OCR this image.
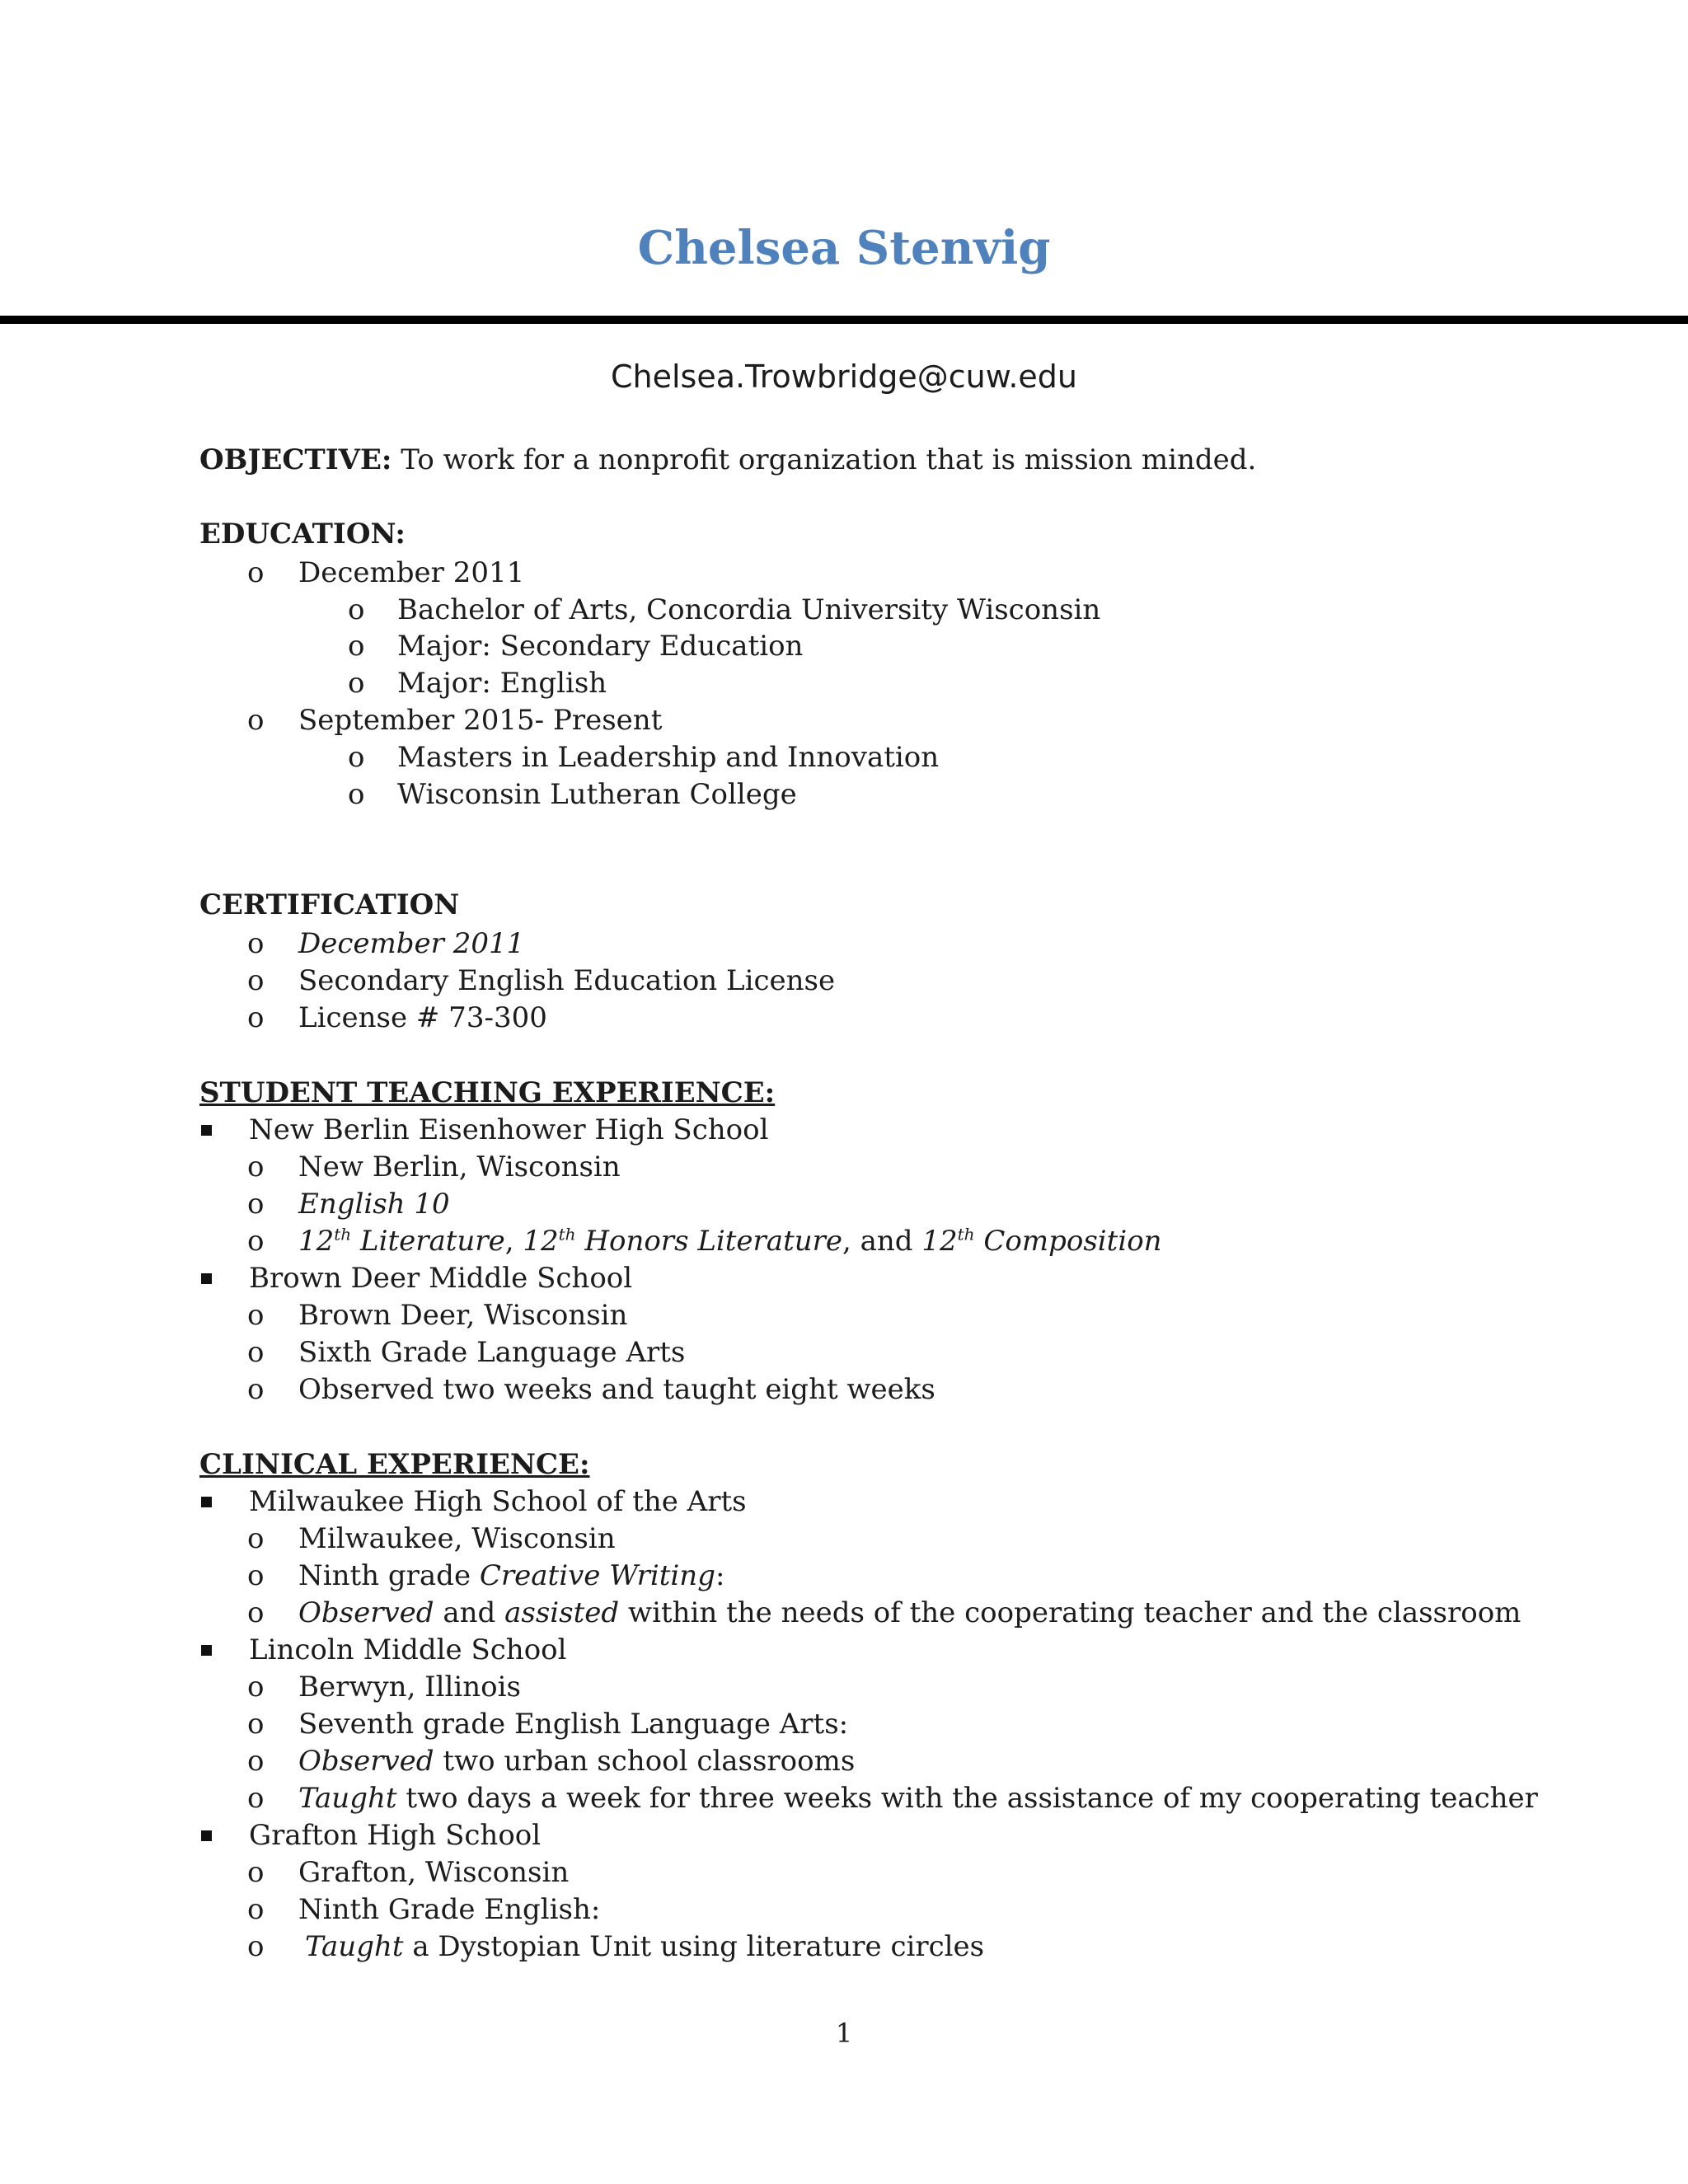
Chelsea Stenvig
Chelsea.Trowbridge@cuw.edu
OBJECTIVE: To work for a nonprofit organization that is mission minded.
EDUCATION:
o December 2011
o Bachelor of Arts, Concordia University Wisconsin
o Major: Secondary Education
o Major: English
o September 2015- Present
o Masters in Leadership and Innovation
o Wisconsin Lutheran College
CERTIFICATION
o December 2011
o Secondary English Education License
o License # 73-300
STUDENT TEACHING EXPERIENCE:
New Berlin Eisenhower High School
o New Berlin, Wisconsin
o English 10
o 12th Literature, 12th Honors Literature, and 12th Composition
Brown Deer Middle School
o Brown Deer, Wisconsin
o Sixth Grade Language Arts
o Observed two weeks and taught eight weeks
CLINICAL EXPERIENCE:
Milwaukee High School of the Arts
o Milwaukee, Wisconsin
o Ninth grade Creative Writing:
o Observed and assisted within the needs of the cooperating teacher and the classroom
Lincoln Middle School
o Berwyn, Illinois
o Seventh grade English Language Arts:
o Observed two urban school classrooms
o Taught two days a week for three weeks with the assistance of my cooperating teacher
Grafton High School
o Grafton, Wisconsin
o Ninth Grade English:
o Taught a Dystopian Unit using literature circles
1
